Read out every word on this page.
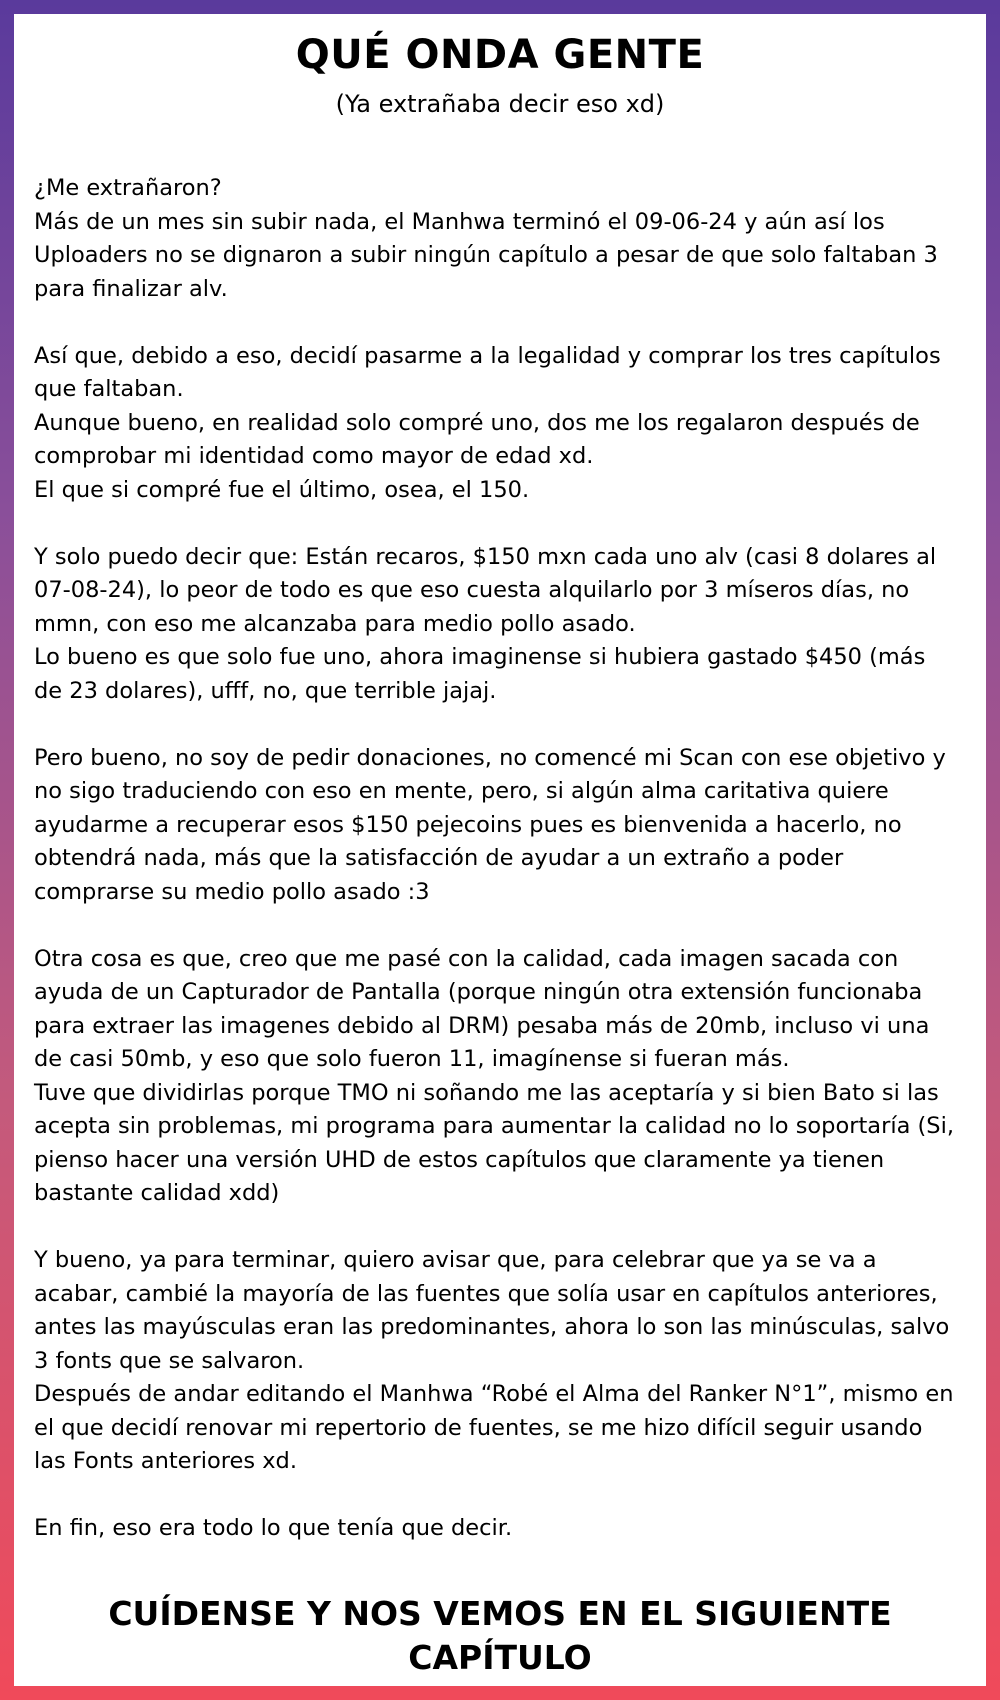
QUÉ ONDA GENTE
(Ya extrañaba decir eso xd)

¿Me extrañaron?
Más de un mes sin subir nada, el Manhwa terminó el 09-06-24 y aún así los
Uploaders no se dignaron a subir ningún capítulo a pesar de que solo faltaban 3
para finalizar alv.

Así que, debido a eso, decidí pasarme a la legalidad y comprar los tres capítulos
que faltaban.
Aunque bueno, en realidad solo compré uno, dos me los regalaron después de
comprobar mi identidad como mayor de edad xd.
El que si compré fue el último, osea, el 150.

Y solo puedo decir que: Están recaros, $150 mxn cada uno alv (casi 8 dolares al
07-08-24), lo peor de todo es que eso cuesta alquilarlo por 3 míseros días, no
mmn, con eso me alcanzaba para medio pollo asado.
Lo bueno es que solo fue uno, ahora imaginense si hubiera gastado $450 (más
de 23 dolares), ufff, no, que terrible jajaj.

Pero bueno, no soy de pedir donaciones, no comencé mi Scan con ese objetivo y
no sigo traduciendo con eso en mente, pero, si algún alma caritativa quiere
ayudarme a recuperar esos $150 pejecoins pues es bienvenida a hacerlo, no
obtendrá nada, más que la satisfacción de ayudar a un extraño a poder
comprarse su medio pollo asado :3

Otra cosa es que, creo que me pasé con la calidad, cada imagen sacada con
ayuda de un Capturador de Pantalla (porque ningún otra extensión funcionaba
para extraer las imagenes debido al DRM) pesaba más de 20mb, incluso vi una
de casi 50mb, y eso que solo fueron 11, imagínense si fueran más.
Tuve que dividirlas porque TMO ni soñando me las aceptaría y si bien Bato si las
acepta sin problemas, mi programa para aumentar la calidad no lo soportaría (Si,
pienso hacer una versión UHD de estos capítulos que claramente ya tienen
bastante calidad xdd)

Y bueno, ya para terminar, quiero avisar que, para celebrar que ya se va a
acabar, cambié la mayoría de las fuentes que solía usar en capítulos anteriores,
antes las mayúsculas eran las predominantes, ahora lo son las minúsculas, salvo
3 fonts que se salvaron.
Después de andar editando el Manhwa “Robé el Alma del Ranker N°1”, mismo en
el que decidí renovar mi repertorio de fuentes, se me hizo difícil seguir usando
las Fonts anteriores xd.

En fin, eso era todo lo que tenía que decir.

CUÍDENSE Y NOS VEMOS EN EL SIGUIENTE
CAPÍTULO
